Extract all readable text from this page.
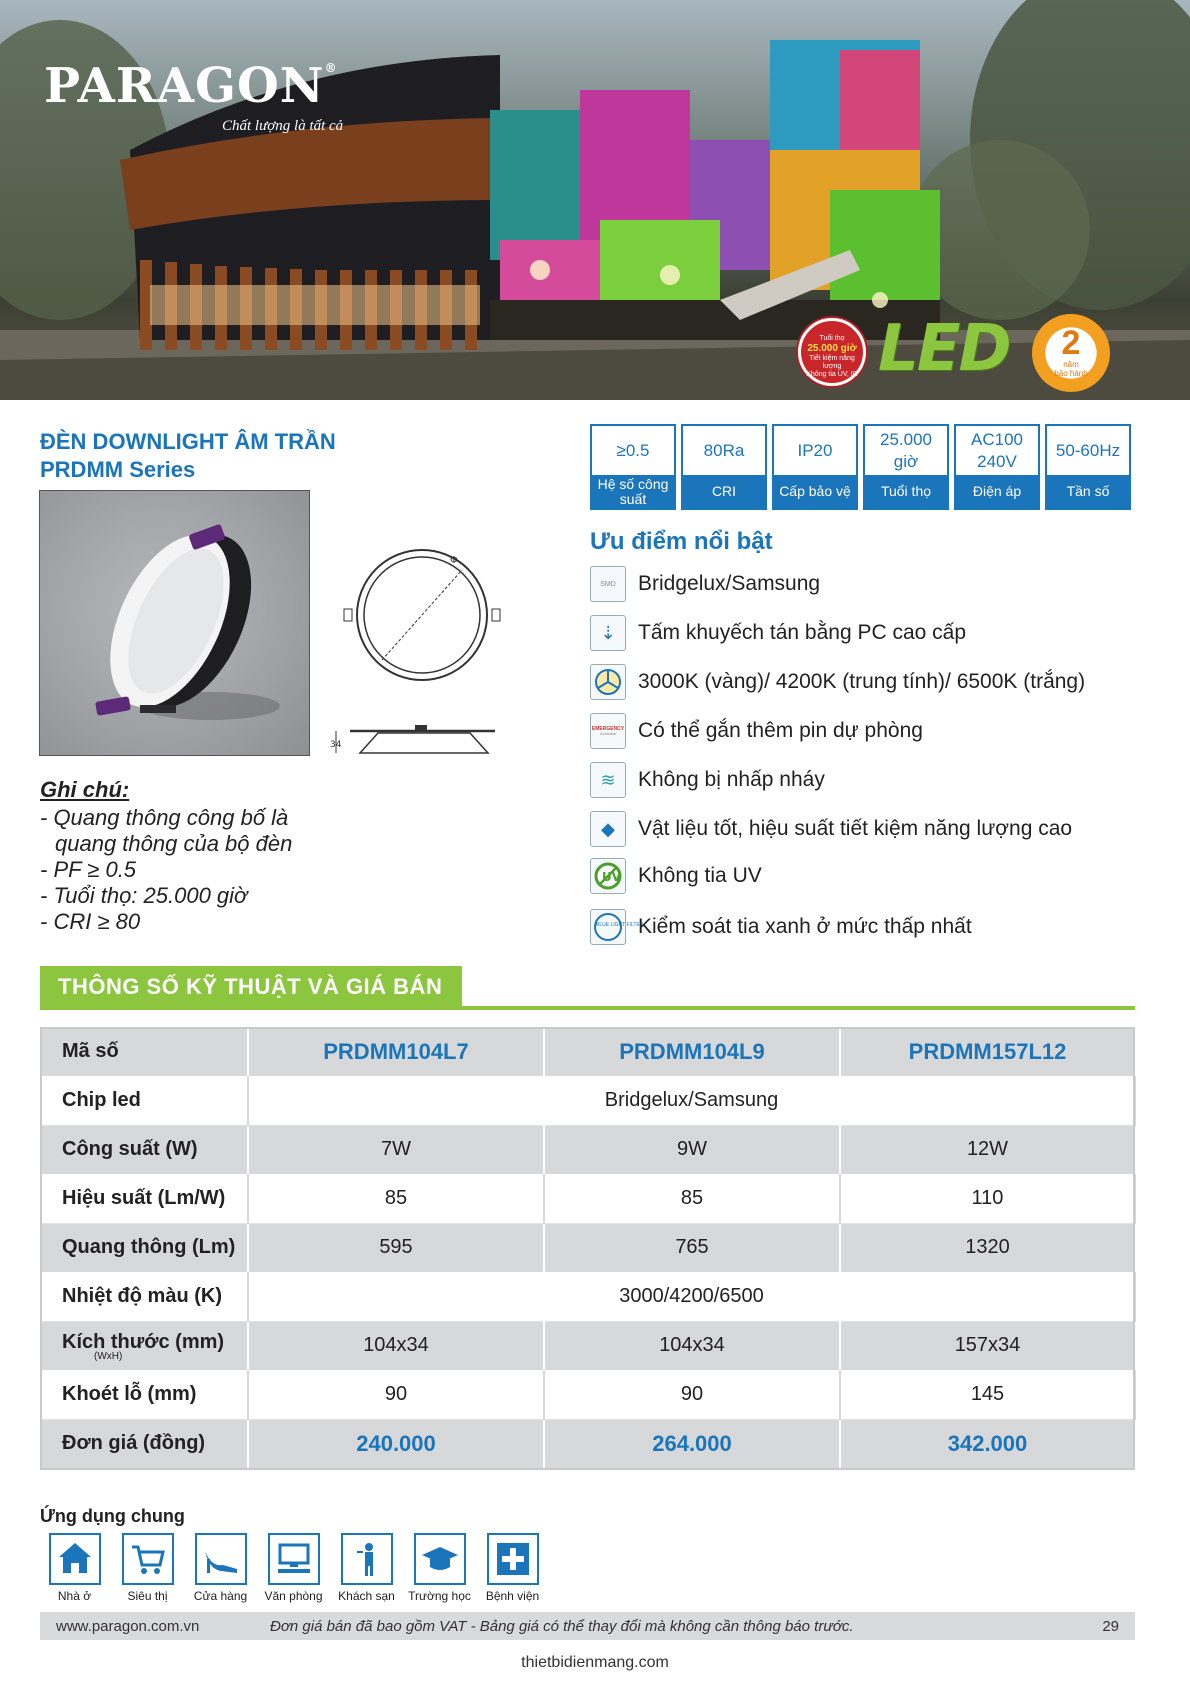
PARAGON®
Chất lượng là tất cả
Tuổi thọ
25.000 giờ
Tiết kiệm năng lượng
Không tia UV, IR LED	2
năm
bảo hành
ĐÈN DOWNLIGHT ÂM TRẦN
PRDMM Series
≥0.5
Hệ số công suất
80Ra
CRI
IP20
Cấp bảo vệ
25.000 giờ
Tuổi thọ
AC100 240V
Điện áp
50-60Hz
Tần số
Φ
34
Ghi chú:
- Quang thông công bố là
quang thông của bộ đèn
- PF ≥ 0.5
- Tuổi thọ: 25.000 giờ
- CRI ≥ 80
Ưu điểm nổi bật
SMD Bridgelux/Samsung
⇣	Tấm khuyếch tán bằng PC cao cấp
3000K (vàng)/ 4200K (trung tính)/ 6500K (trắng)
EMERGENCY
Available Có thể gắn thêm pin dự phòng
≋	Không bị nhấp nháy
◆	Vật liệu tốt, hiệu suất tiết kiệm năng lượng cao
UV Không tia UV
BLUE LIGHT FILTER
Kiểm soát tia xanh ở mức thấp nhất
THÔNG SỐ KỸ THUẬT VÀ GIÁ BÁN
Mã số	PRDMM104L7	PRDMM104L9	PRDMM157L12
Chip led	Bridgelux/Samsung		
Công suất (W)	7W	9W	12W
Hiệu suất (Lm/W)	85	85	110
Quang thông (Lm)	595	765	1320
Nhiệt độ màu (K)	3000/4200/6500		
Kích thước (mm)
(WxH)	104x34	104x34	157x34
Khoét lỗ (mm)	90	90	145
Đơn giá (đồng)	240.000	264.000	342.000
Ứng dụng chung
Nhà ở	Siêu thị	Cửa hàng	Văn phòng	Khách sạn	Trường học	Bệnh viện
www.paragon.com.vn	Đơn giá bán đã bao gồm VAT - Bảng giá có thể thay đổi mà không cần thông báo trước.	29
thietbidienmang.com
